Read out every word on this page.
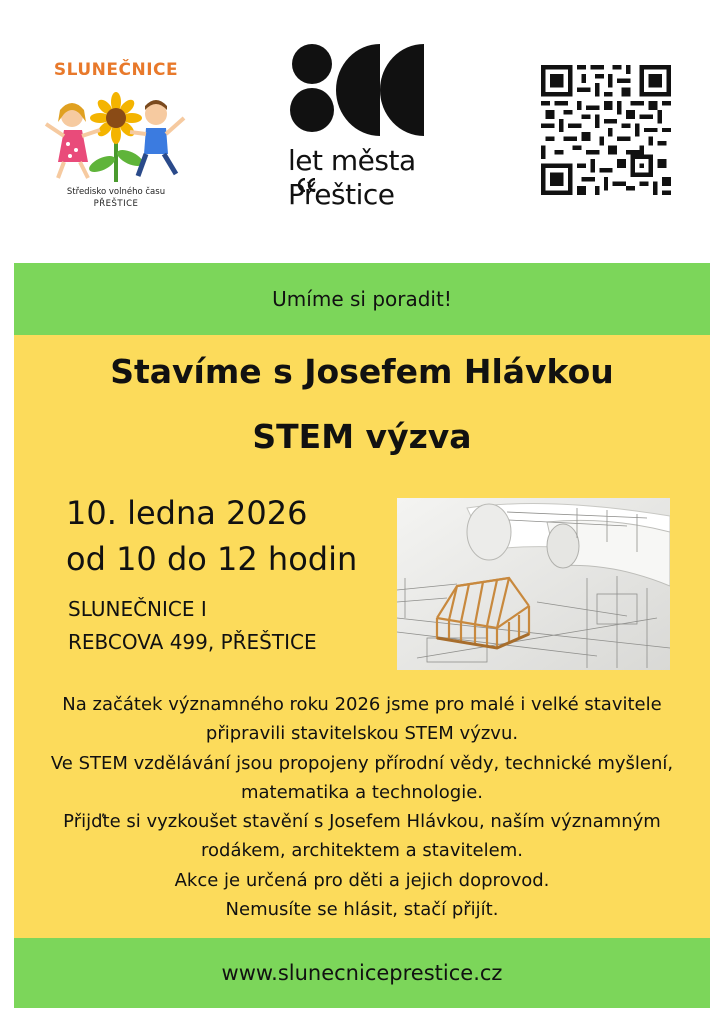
SLUNEČNICE
Středisko volného času
PŘEŠTICE
let města
Přeštice
Umíme si poradit!
Stavíme s Josefem Hlávkou
STEM výzva
10. ledna 2026
od 10 do 12 hodin
SLUNEČNICE I
REBCOVA 499, PŘEŠTICE
Na začátek významného roku 2026 jsme pro malé i velké stavitele
připravili stavitelskou STEM výzvu.
Ve STEM vzdělávání jsou propojeny přírodní vědy, technické myšlení,
matematika a technologie.
Přijďte si vyzkoušet stavění s Josefem Hlávkou, naším významným
rodákem, architektem a stavitelem.
Akce je určená pro děti a jejich doprovod.
Nemusíte se hlásit, stačí přijít.
www.slunecniceprestice.cz
